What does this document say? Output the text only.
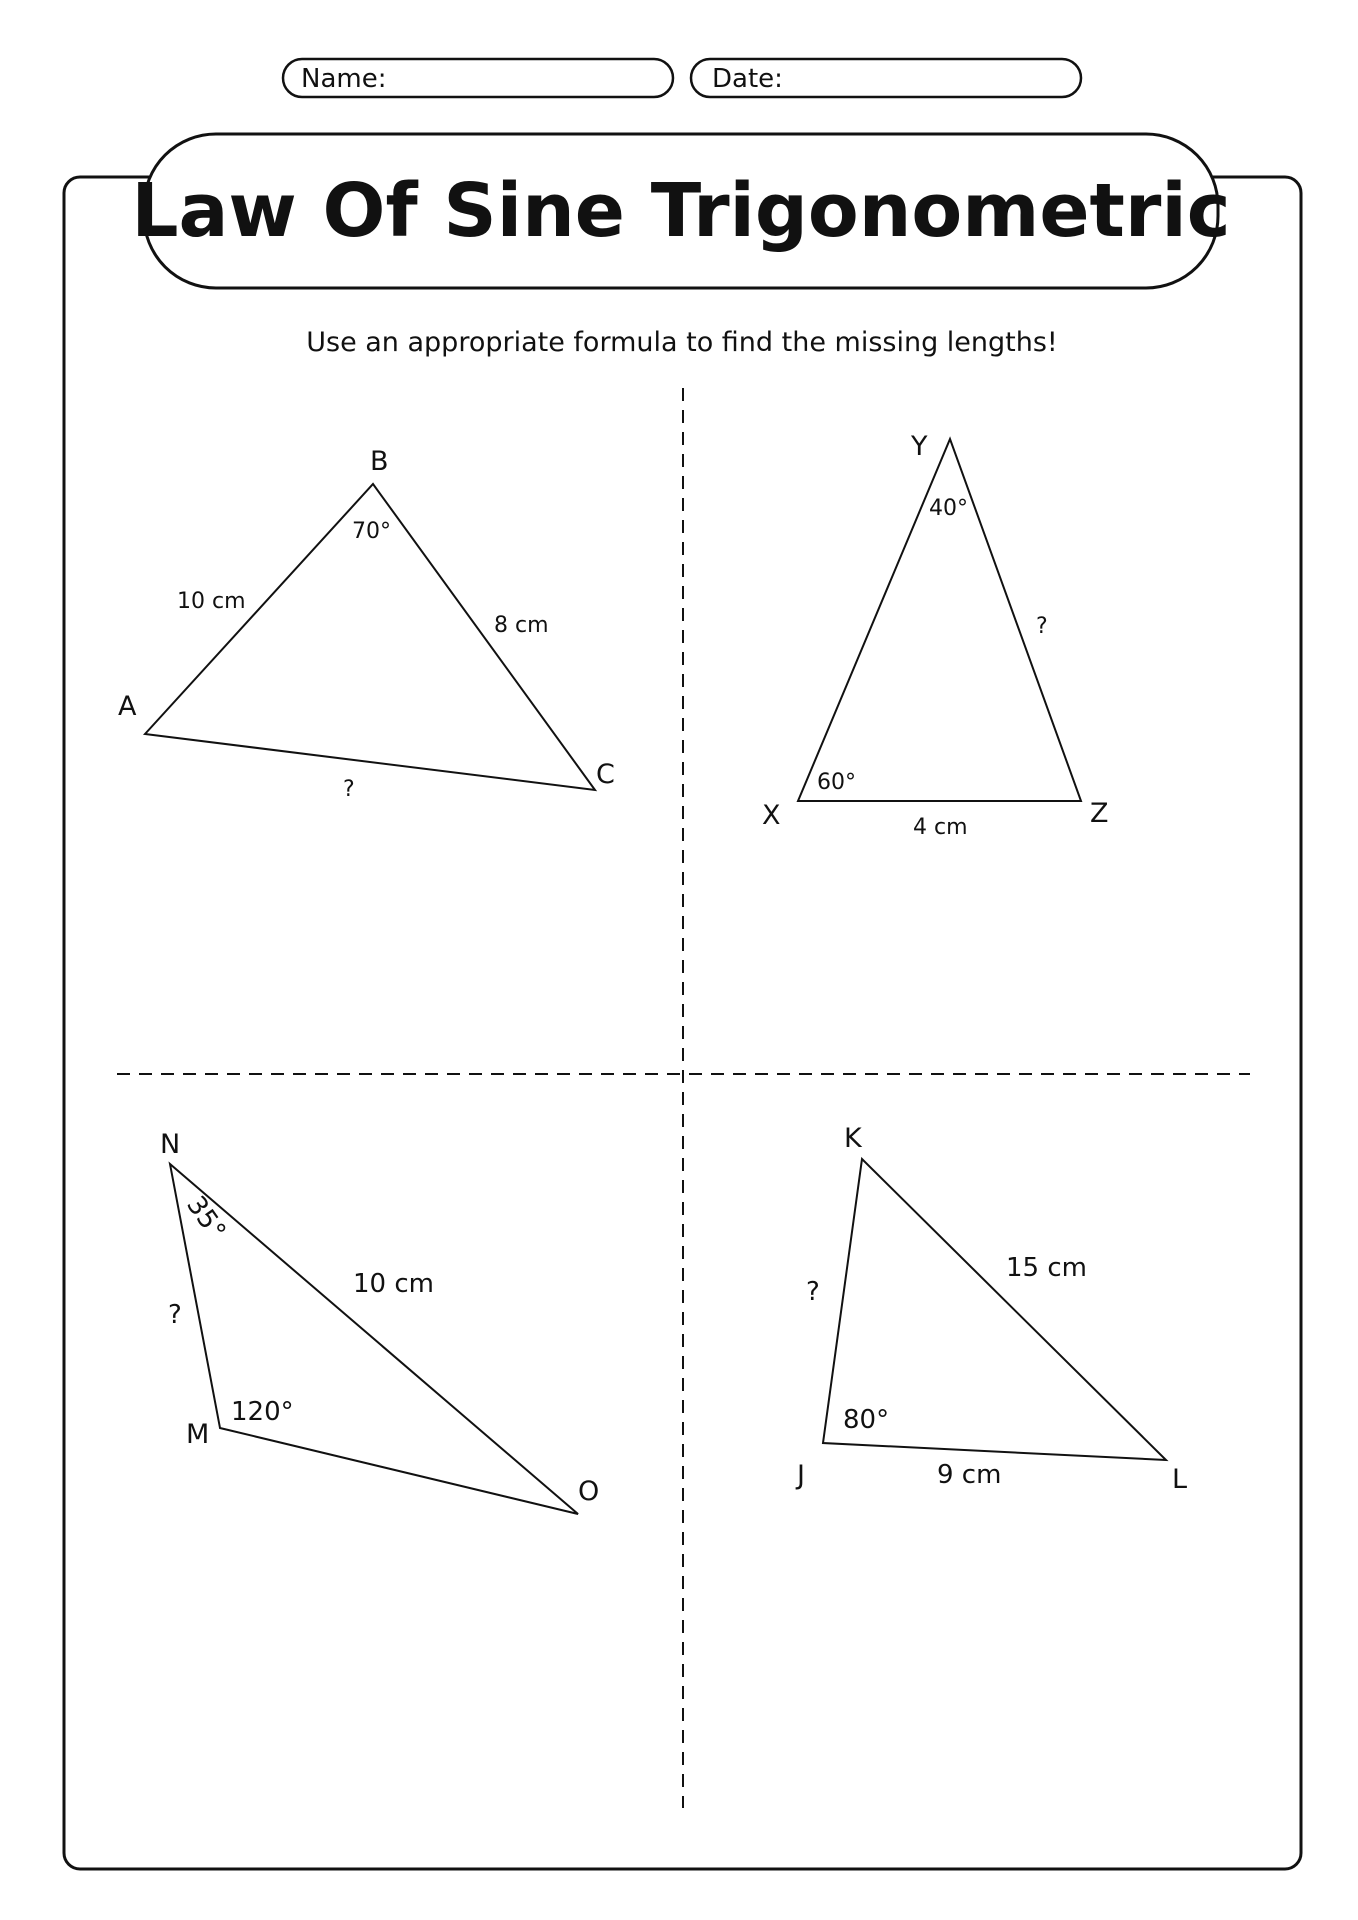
Name:	Date:
Law Of Sine Trigonometric
Use an appropriate formula to find the missing lengths!
A
B
C
10 cm
8 cm
?
70°
X
Y
Z
4 cm
?
60°
40°
M
N
O
10 cm
?
35°
120°
J
K
L
15 cm
9 cm
?
80°
